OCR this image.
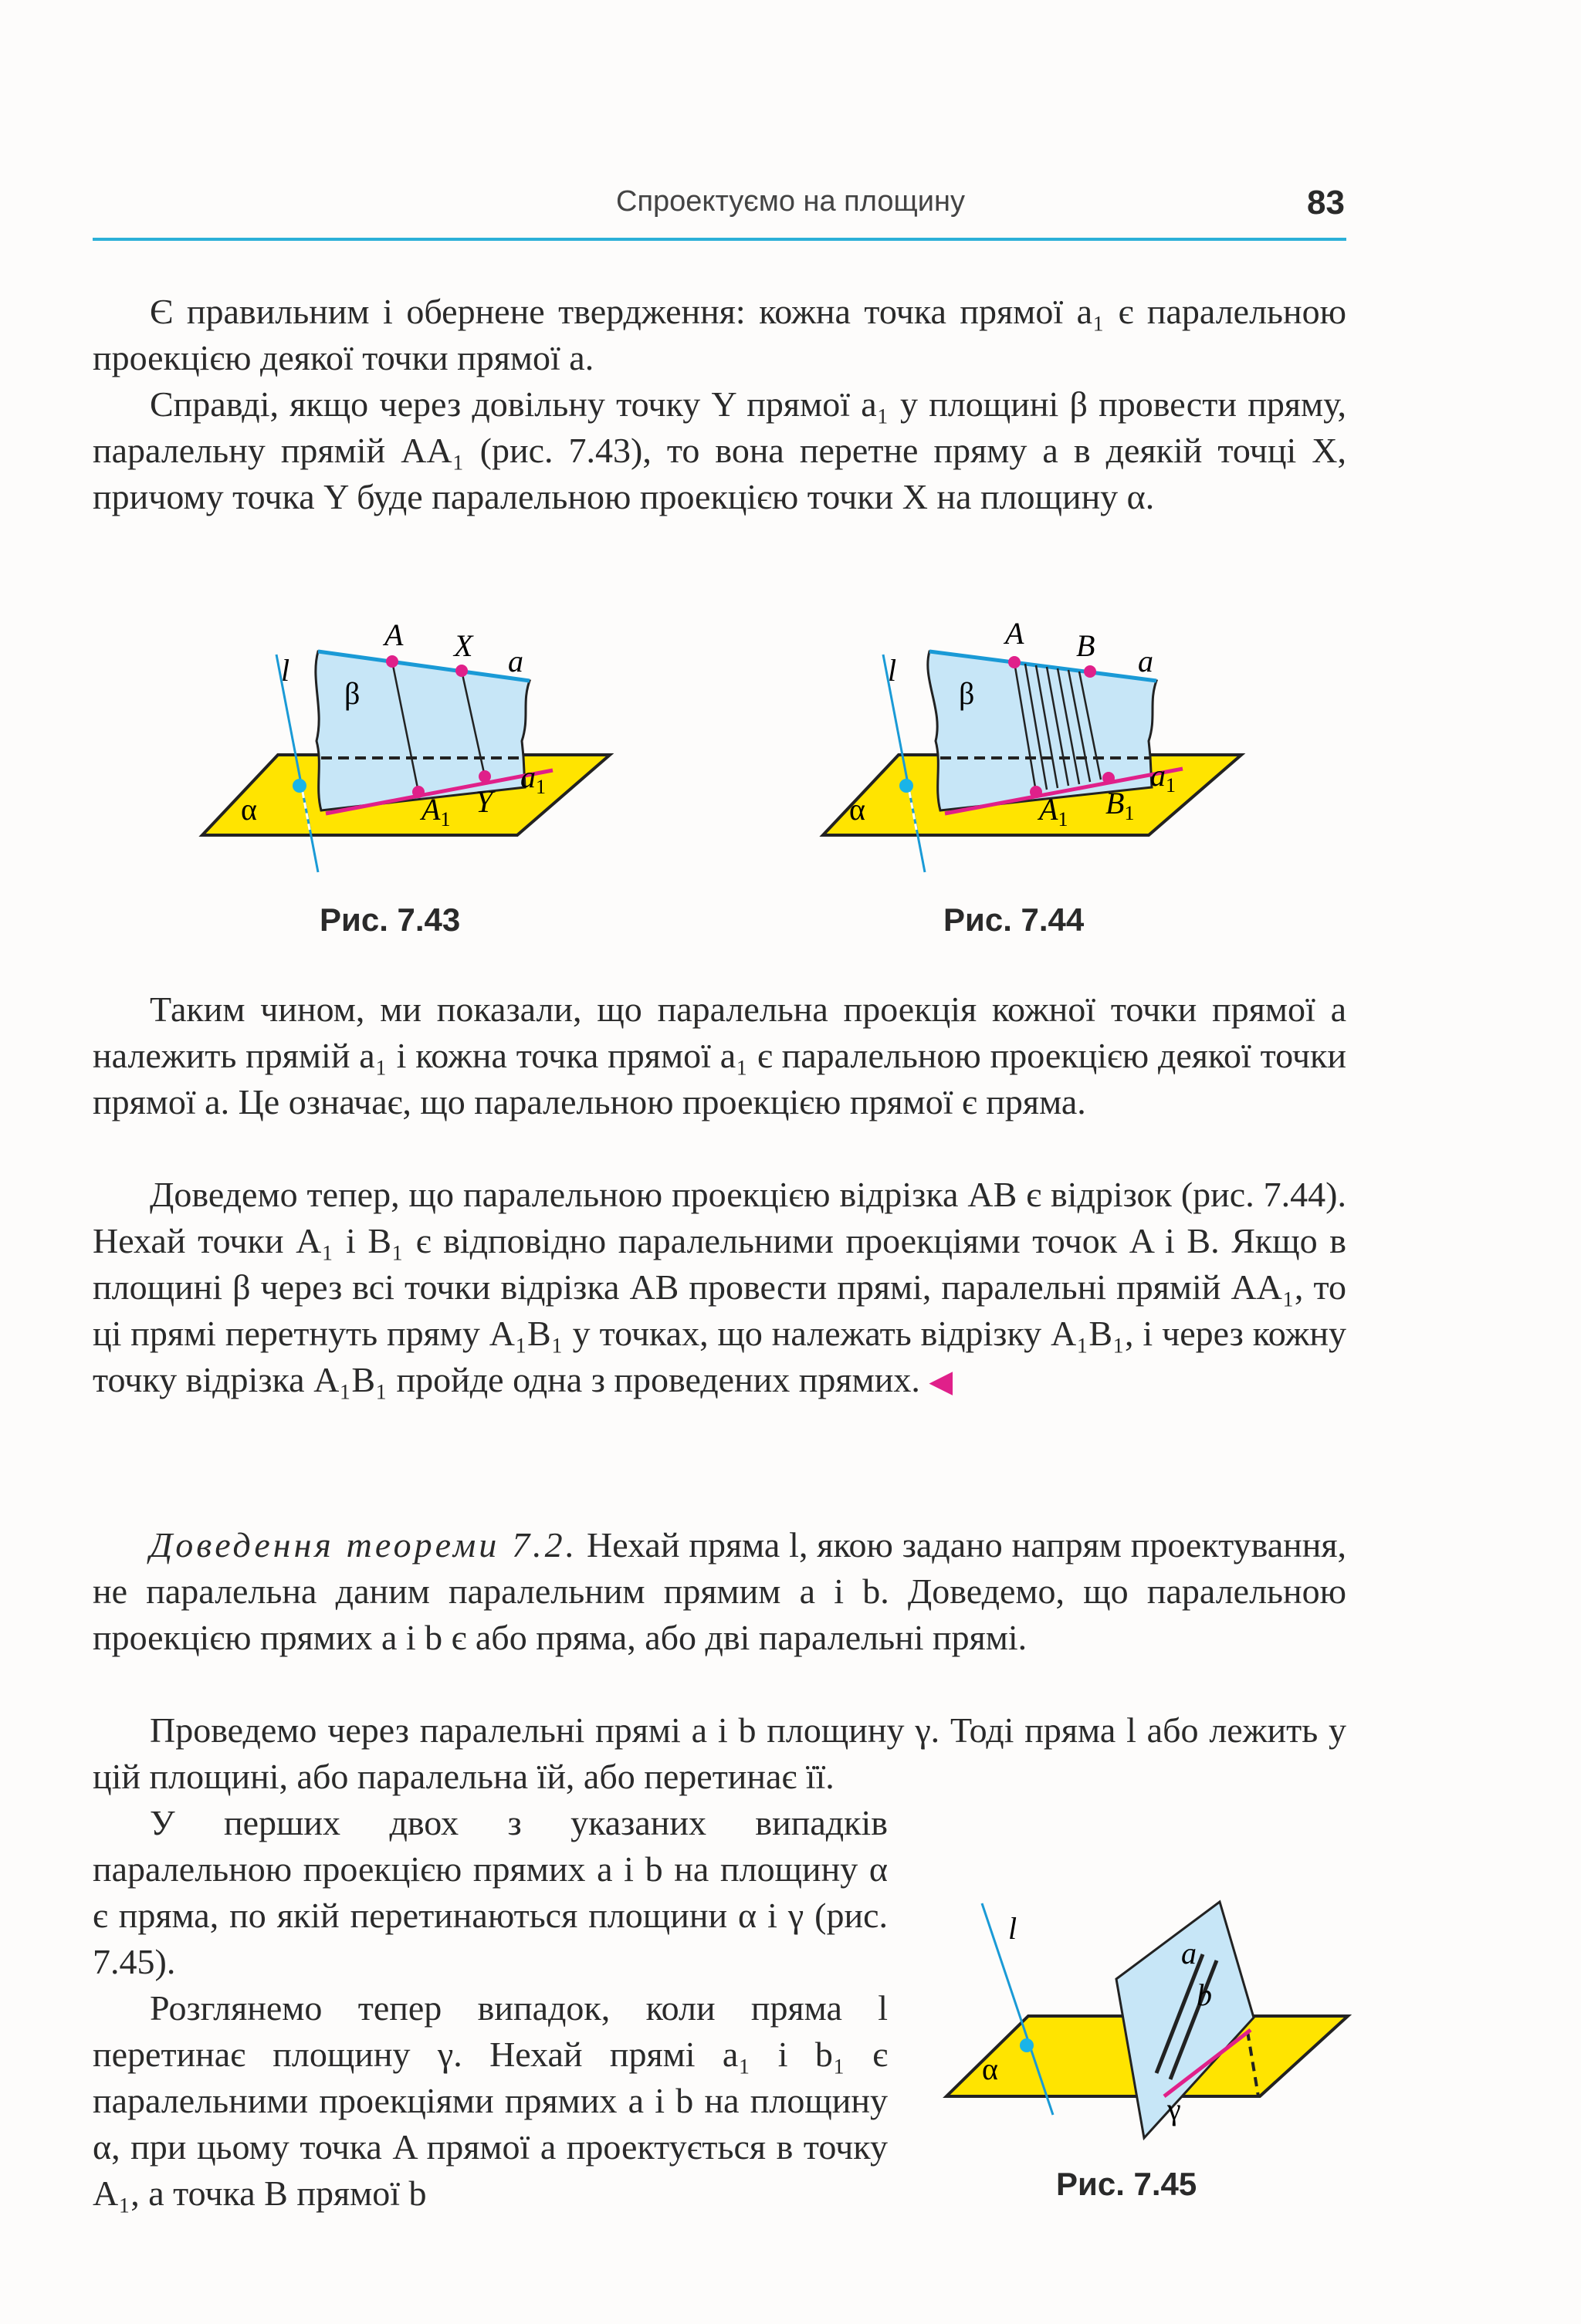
Спроектуємо на площину	83

Є правильним і обернене твердження: кожна точка прямої a₁ є паралельною проекцією деякої точки прямої a.

Справді, якщо через довільну точку Y прямої a₁ у площині β провести пряму, паралельну прямій AA₁ (рис. 7.43), то вона перетне пряму a в деякій точці X, причому точка Y буде паралельною проекцією точки X на площину α.

l
β
A X a
α	$A_1$
Y
$a_1$
Рис. 7.43
l
β
A B a
α	$A_1$ $B_1$
$a_1$
Рис. 7.44

Таким чином, ми показали, що паралельна проекція кожної точки прямої a належить прямій a₁ і кожна точка прямої a₁ є паралельною проекцією деякої точки прямої a. Це означає, що паралельною проекцією прямої є пряма.

Доведемо тепер, що паралельною проекцією відрізка AB є відрізок (рис. 7.44). Нехай точки A₁ і B₁ є відповідно паралельними проекціями точок A і B. Якщо в площині β через всі точки відрізка AB провести прямі, паралельні прямій AA₁, то ці прямі перетнуть пряму A₁B₁ у точках, що належать відрізку A₁B₁, і через кожну точку відрізка A₁B₁ пройде одна з проведених прямих. ◀

Доведення теореми 7.2. Нехай пряма l, якою задано напрям проектування, не паралельна даним паралельним прямим a і b. Доведемо, що паралельною проекцією прямих a і b є або пряма, або дві паралельні прямі.

Проведемо через паралельні прямі a і b площину γ. Тоді пряма l або лежить у цій площині, або паралельна їй, або перетинає її.

У перших двох з указаних випадків паралельною проекцією прямих a і b на площину α є пряма, по якій перетинаються площини α і γ (рис. 7.45).

Розглянемо тепер випадок, коли пряма l перетинає площину γ. Нехай прямі a₁ і b₁ є паралельними проекціями прямих a і b на площину α, при цьому точка A прямої a проектується в точку A₁, а точка B прямої b

l
a
b
α
γ
Рис. 7.45
